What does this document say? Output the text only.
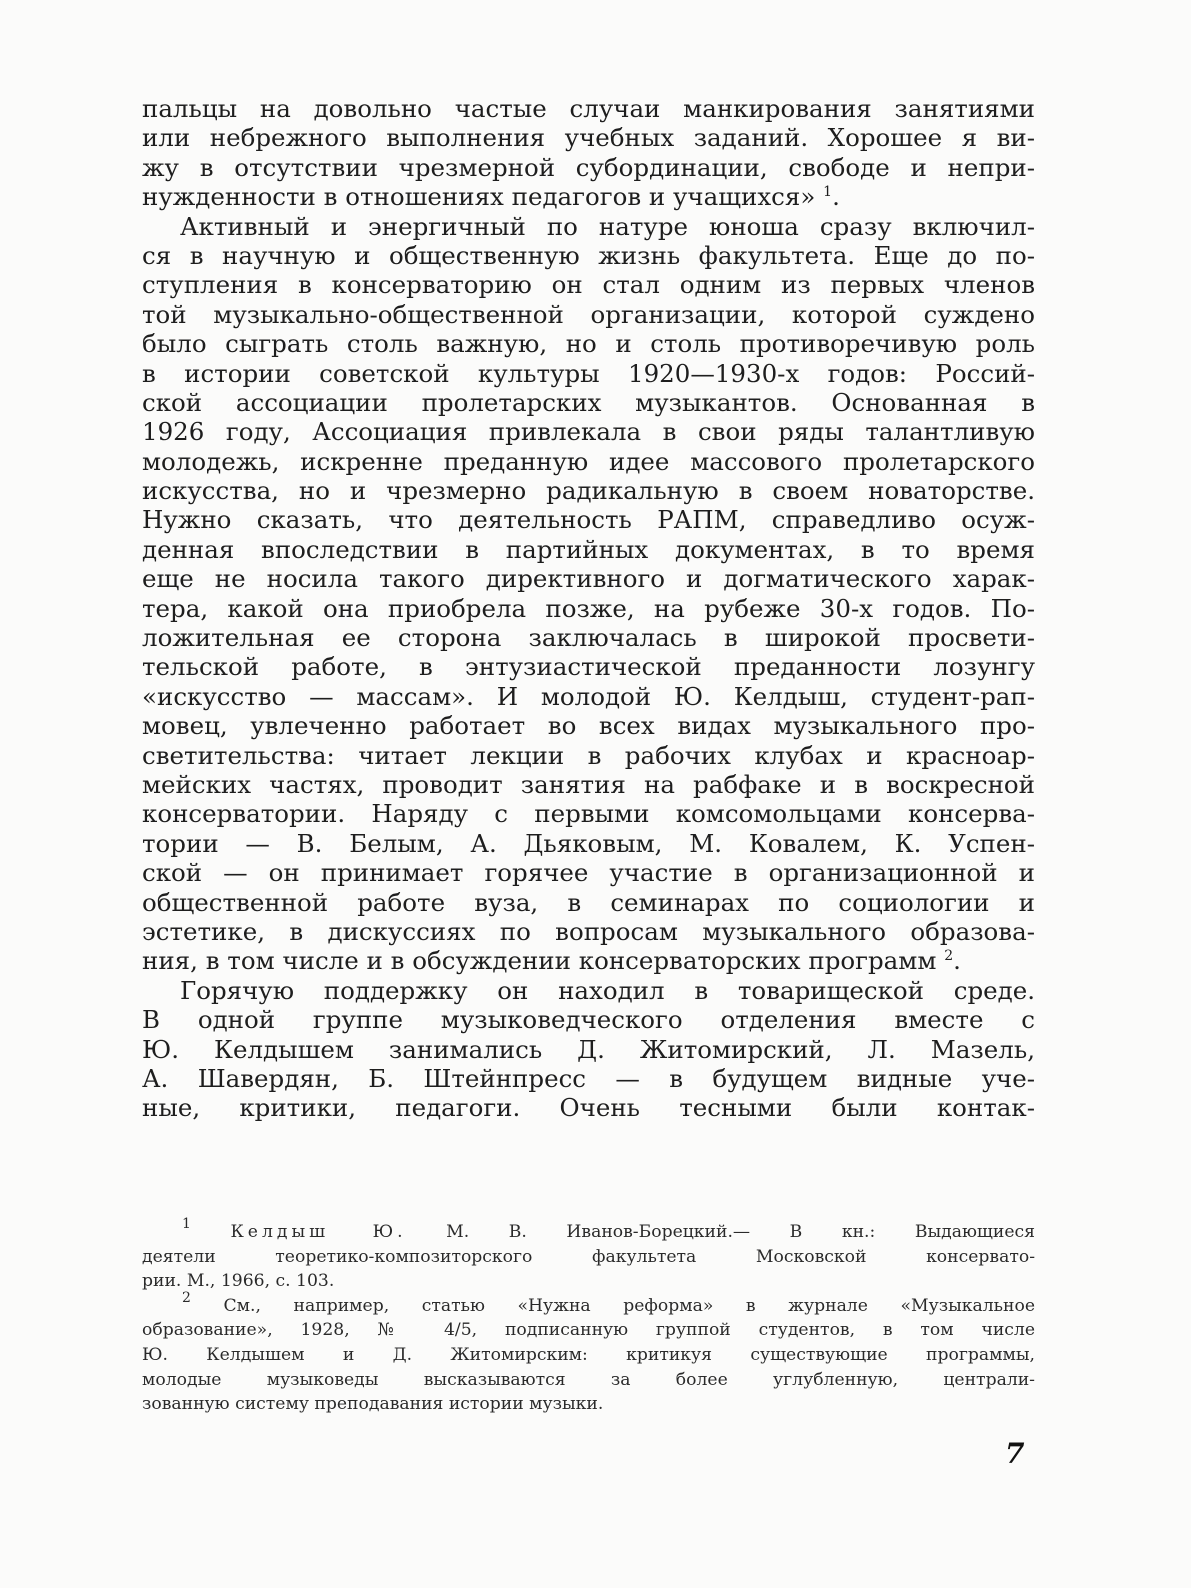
пальцы на довольно частые случаи манкирования занятиями
или небрежного выполнения учебных заданий. Хорошее я ви-
жу в отсутствии чрезмерной субординации, свободе и непри-
нужденности в отношениях педагогов и учащихся» $^1$.
Активный и энергичный по натуре юноша сразу включил-
ся в научную и общественную жизнь факультета. Еще до по-
ступления в консерваторию он стал одним из первых членов
той музыкально-общественной организации, которой суждено
было сыграть столь важную, но и столь противоречивую роль
в истории советской культуры 1920—1930-х годов: Россий-
ской ассоциации пролетарских музыкантов. Основанная в
1926 году, Ассоциация привлекала в свои ряды талантливую
молодежь, искренне преданную идее массового пролетарского
искусства, но и чрезмерно радикальную в своем новаторстве.
Нужно сказать, что деятельность РАПМ, справедливо осуж-
денная впоследствии в партийных документах, в то время
еще не носила такого директивного и догматического харак-
тера, какой она приобрела позже, на рубеже 30-х годов. По-
ложительная ее сторона заключалась в широкой просвети-
тельской работе, в энтузиастической преданности лозунгу
«искусство — массам». И молодой Ю. Келдыш, студент-рап-
мовец, увлеченно работает во всех видах музыкального про-
светительства: читает лекции в рабочих клубах и красноар-
мейских частях, проводит занятия на рабфаке и в воскресной
консерватории. Наряду с первыми комсомольцами консерва-
тории — В. Белым, А. Дьяковым, М. Ковалем, К. Успен-
ской — он принимает горячее участие в организационной и
общественной работе вуза, в семинарах по социологии и
эстетике, в дискуссиях по вопросам музыкального образова-
ния, в том числе и в обсуждении консерваторских программ $^2$.
Горячую поддержку он находил в товарищеской среде.
В одной группе музыковедческого отделения вместе с
Ю. Келдышем занимались Д. Житомирский, Л. Мазель,
А. Шавердян, Б. Штейнпресс — в будущем видные уче-
ные, критики, педагоги. Очень тесными были контак-
$^1$ Келдыш Ю. М. В. Иванов-Борецкий.— В кн.: Выдающиеся
деятели теоретико-композиторского факультета Московской консервато-
рии. М., 1966, с. 103.
$^2$ См., например, статью «Нужна реформа» в журнале «Музыкальное
образование», 1928, № 4/5, подписанную группой студентов, в том числе
Ю. Келдышем и Д. Житомирским: критикуя существующие программы,
молодые музыковеды высказываются за более углубленную, централи-
зованную систему преподавания истории музыки.
7
